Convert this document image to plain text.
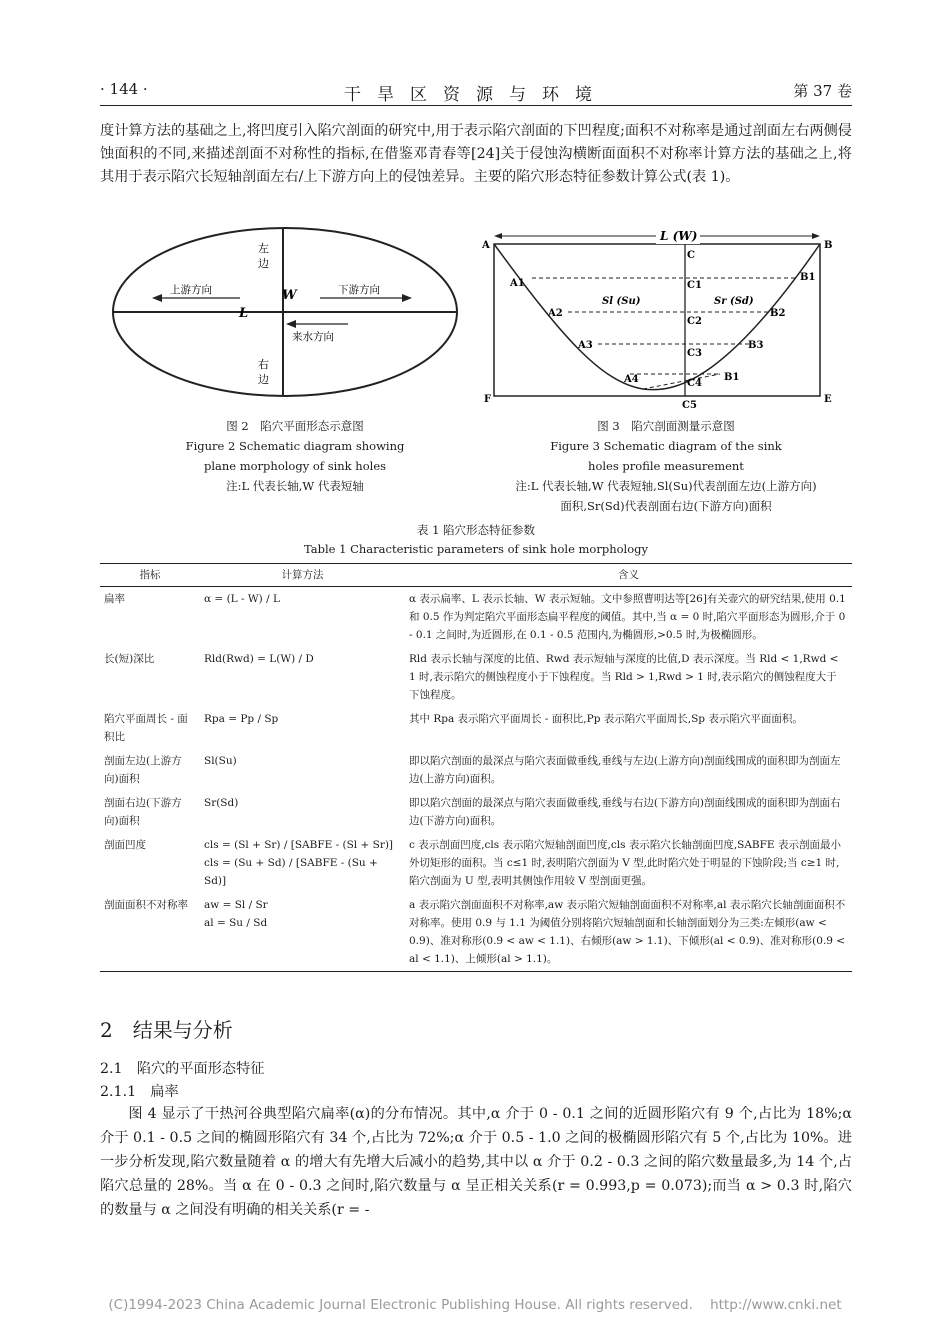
· 144 ·	干旱区资源与环境	第 37 卷

度计算方法的基础之上,将凹度引入陷穴剖面的研究中,用于表示陷穴剖面的下凹程度;面积不对称率是通过剖面左右两侧侵蚀面积的不同,来描述剖面不对称性的指标,在借鉴邓青春等[24]关于侵蚀沟横断面面积不对称率计算方法的基础之上,将其用于表示陷穴长短轴剖面左右/上下游方向上的侵蚀差异。主要的陷穴形态特征参数计算公式(表 1)。

左
边
上游方向	W	下游方向
L
来水方向
右
边
图 2　陷穴平面形态示意图
Figure 2 Schematic diagram showing
plane morphology of sink holes
注:L 代表长轴,W 代表短轴
L (W)
A	B
C
A1
B1
C1
Sl (Su)	Sr (Sd)
A2	B2
C2
A3	B3
C3
A4	B1
C4
F	E
C5
图 3　陷穴剖面测量示意图
Figure 3 Schematic diagram of the sink
holes profile measurement
注:L 代表长轴,W 代表短轴,Sl(Su)代表剖面左边(上游方向)
面积,Sr(Sd)代表剖面右边(下游方向)面积
表 1 陷穴形态特征参数
Table 1 Characteristic parameters of sink hole morphology
指标	计算方法	含义
扁率	α = (L - W) / L	α 表示扁率、L 表示长轴、W 表示短轴。文中参照曹明达等[26]有关壶穴的研究结果,使用 0.1 和 0.5 作为判定陷穴平面形态扁平程度的阈值。其中,当 α = 0 时,陷穴平面形态为圆形,介于 0 - 0.1 之间时,为近圆形,在 0.1 - 0.5 范围内,为椭圆形,>0.5 时,为极椭圆形。
长(短)深比	Rld(Rwd) = L(W) / D	Rld 表示长轴与深度的比值、Rwd 表示短轴与深度的比值,D 表示深度。当 Rld < 1,Rwd < 1 时,表示陷穴的侧蚀程度小于下蚀程度。当 Rld > 1,Rwd > 1 时,表示陷穴的侧蚀程度大于下蚀程度。
陷穴平面周长 - 面积比	Rpa = Pp / Sp	其中 Rpa 表示陷穴平面周长 - 面积比,Pp 表示陷穴平面周长,Sp 表示陷穴平面面积。
剖面左边(上游方向)面积	Sl(Su)	即以陷穴剖面的最深点与陷穴表面做垂线,垂线与左边(上游方向)剖面线围成的面积即为剖面左边(上游方向)面积。
剖面右边(下游方向)面积	Sr(Sd)	即以陷穴剖面的最深点与陷穴表面做垂线,垂线与右边(下游方向)剖面线围成的面积即为剖面右边(下游方向)面积。
剖面凹度	cls = (Sl + Sr) / [SABFE - (Sl + Sr)]
cls = (Su + Sd) / [SABFE - (Su + Sd)]	c 表示剖面凹度,cls 表示陷穴短轴剖面凹度,cls 表示陷穴长轴剖面凹度,SABFE 表示剖面最小外切矩形的面积。当 c≤1 时,表明陷穴剖面为 V 型,此时陷穴处于明显的下蚀阶段;当 c≥1 时,陷穴剖面为 U 型,表明其侧蚀作用较 V 型剖面更强。
剖面面积不对称率	aw = Sl / Sr
al = Su / Sd	a 表示陷穴剖面面积不对称率,aw 表示陷穴短轴剖面面积不对称率,al 表示陷穴长轴剖面面积不对称率。使用 0.9 与 1.1 为阈值分别将陷穴短轴剖面和长轴剖面划分为三类:左倾形(aw < 0.9)、准对称形(0.9 < aw < 1.1)、右倾形(aw > 1.1)、下倾形(al < 0.9)、准对称形(0.9 < al < 1.1)、上倾形(al > 1.1)。
2　结果与分析
2.1　陷穴的平面形态特征
2.1.1　扁率

图 4 显示了干热河谷典型陷穴扁率(α)的分布情况。其中,α 介于 0 - 0.1 之间的近圆形陷穴有 9 个,占比为 18%;α 介于 0.1 - 0.5 之间的椭圆形陷穴有 34 个,占比为 72%;α 介于 0.5 - 1.0 之间的极椭圆形陷穴有 5 个,占比为 10%。进一步分析发现,陷穴数量随着 α 的增大有先增大后减小的趋势,其中以 α 介于 0.2 - 0.3 之间的陷穴数量最多,为 14 个,占陷穴总量的 28%。当 α 在 0 - 0.3 之间时,陷穴数量与 α 呈正相关关系(r = 0.993,p = 0.073);而当 α > 0.3 时,陷穴的数量与 α 之间没有明确的相关关系(r = -

(C)1994-2023 China Academic Journal Electronic Publishing House. All rights reserved.    http://www.cnki.net
